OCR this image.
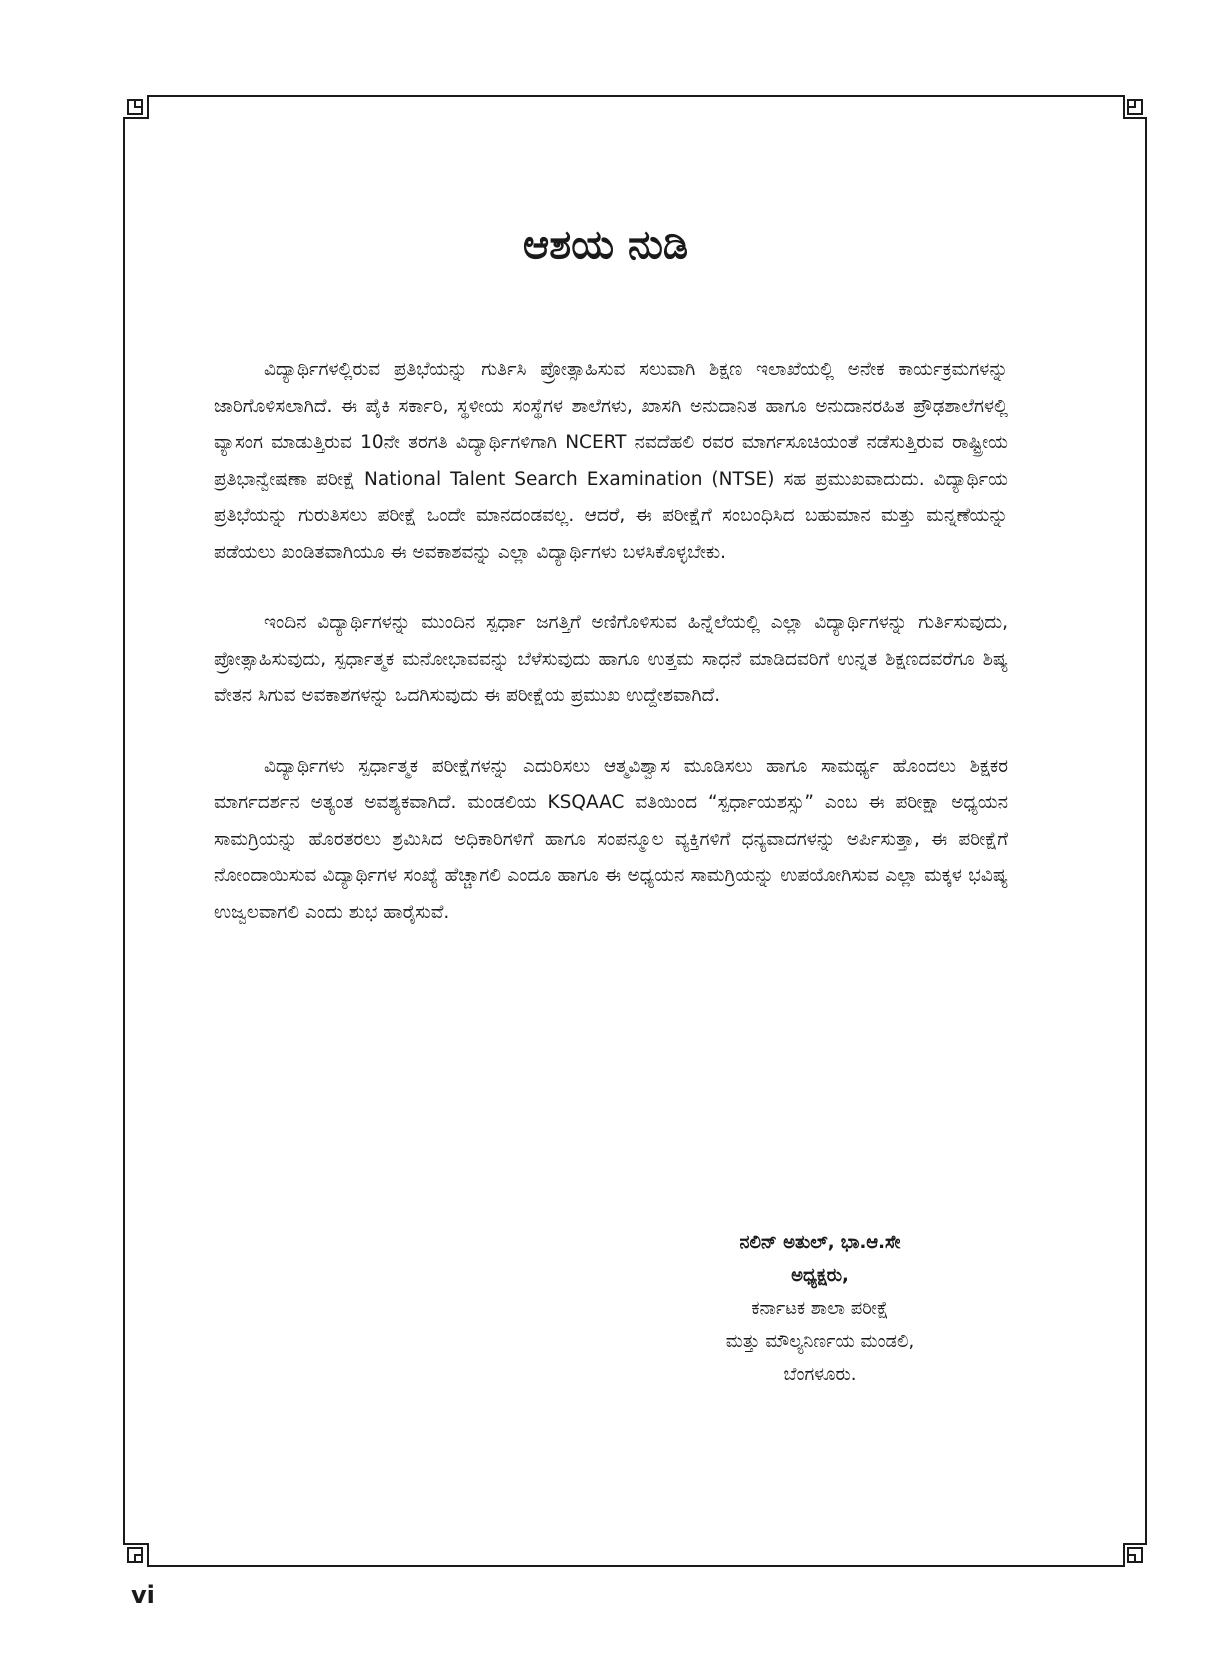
ಆಶಯ ನುಡಿ

ವಿದ್ಯಾರ್ಥಿಗಳಲ್ಲಿರುವ ಪ್ರತಿಭೆಯನ್ನು ಗುರ್ತಿಸಿ ಪ್ರೋತ್ಸಾಹಿಸುವ ಸಲುವಾಗಿ ಶಿಕ್ಷಣ ಇಲಾಖೆಯಲ್ಲಿ ಅನೇಕ ಕಾರ್ಯಕ್ರಮಗಳನ್ನು ಜಾರಿಗೊಳಿಸಲಾಗಿದೆ. ಈ ಪೈಕಿ ಸರ್ಕಾರಿ, ಸ್ಥಳೀಯ ಸಂಸ್ಥೆಗಳ ಶಾಲೆಗಳು, ಖಾಸಗಿ ಅನುದಾನಿತ ಹಾಗೂ ಅನುದಾನರಹಿತ ಪ್ರೌಢಶಾಲೆಗಳಲ್ಲಿ ವ್ಯಾಸಂಗ ಮಾಡುತ್ತಿರುವ 10ನೇ ತರಗತಿ ವಿದ್ಯಾರ್ಥಿಗಳಿಗಾಗಿ NCERT ನವದೆಹಲಿ ರವರ ಮಾರ್ಗಸೂಚಿಯಂತೆ ನಡೆಸುತ್ತಿರುವ ರಾಷ್ಟ್ರೀಯ ಪ್ರತಿಭಾನ್ವೇಷಣಾ ಪರೀಕ್ಷೆ National Talent Search Examination (NTSE) ಸಹ ಪ್ರಮುಖವಾದುದು. ವಿದ್ಯಾರ್ಥಿಯ ಪ್ರತಿಭೆಯನ್ನು ಗುರುತಿಸಲು ಪರೀಕ್ಷೆ ಒಂದೇ ಮಾನದಂಡವಲ್ಲ. ಆದರೆ, ಈ ಪರೀಕ್ಷೆಗೆ ಸಂಬಂಧಿಸಿದ ಬಹುಮಾನ ಮತ್ತು ಮನ್ನಣೆಯನ್ನು ಪಡೆಯಲು ಖಂಡಿತವಾಗಿಯೂ ಈ ಅವಕಾಶವನ್ನು ಎಲ್ಲಾ ವಿದ್ಯಾರ್ಥಿಗಳು ಬಳಸಿಕೊಳ್ಳಬೇಕು.

ಇಂದಿನ ವಿದ್ಯಾರ್ಥಿಗಳನ್ನು ಮುಂದಿನ ಸ್ಪರ್ಧಾ ಜಗತ್ತಿಗೆ ಅಣಿಗೊಳಿಸುವ ಹಿನ್ನೆಲೆಯಲ್ಲಿ ಎಲ್ಲಾ ವಿದ್ಯಾರ್ಥಿಗಳನ್ನು ಗುರ್ತಿಸುವುದು, ಪ್ರೋತ್ಸಾಹಿಸುವುದು, ಸ್ಪರ್ಧಾತ್ಮಕ ಮನೋಭಾವವನ್ನು ಬೆಳೆಸುವುದು ಹಾಗೂ ಉತ್ತಮ ಸಾಧನೆ ಮಾಡಿದವರಿಗೆ ಉನ್ನತ ಶಿಕ್ಷಣದವರೆಗೂ ಶಿಷ್ಯ ವೇತನ ಸಿಗುವ ಅವಕಾಶಗಳನ್ನು ಒದಗಿಸುವುದು ಈ ಪರೀಕ್ಷೆಯ ಪ್ರಮುಖ ಉದ್ದೇಶವಾಗಿದೆ.

ವಿದ್ಯಾರ್ಥಿಗಳು ಸ್ಪರ್ಧಾತ್ಮಕ ಪರೀಕ್ಷೆಗಳನ್ನು ಎದುರಿಸಲು ಆತ್ಮವಿಶ್ವಾಸ ಮೂಡಿಸಲು ಹಾಗೂ ಸಾಮರ್ಥ್ಯ ಹೊಂದಲು ಶಿಕ್ಷಕರ ಮಾರ್ಗದರ್ಶನ ಅತ್ಯಂತ ಅವಶ್ಯಕವಾಗಿದೆ. ಮಂಡಲಿಯ KSQAAC ವತಿಯಿಂದ “ಸ್ಪರ್ಧಾಯಶಸ್ಸು” ಎಂಬ ಈ ಪರೀಕ್ಷಾ ಅಧ್ಯಯನ ಸಾಮಗ್ರಿಯನ್ನು ಹೊರತರಲು ಶ್ರಮಿಸಿದ ಅಧಿಕಾರಿಗಳಿಗೆ ಹಾಗೂ ಸಂಪನ್ಮೂಲ ವ್ಯಕ್ತಿಗಳಿಗೆ ಧನ್ಯವಾದಗಳನ್ನು ಅರ್ಪಿಸುತ್ತಾ, ಈ ಪರೀಕ್ಷೆಗೆ ನೋಂದಾಯಿಸುವ ವಿದ್ಯಾರ್ಥಿಗಳ ಸಂಖ್ಯೆ ಹೆಚ್ಚಾಗಲಿ ಎಂದೂ ಹಾಗೂ ಈ ಅಧ್ಯಯನ ಸಾಮಗ್ರಿಯನ್ನು ಉಪಯೋಗಿಸುವ ಎಲ್ಲಾ ಮಕ್ಕಳ ಭವಿಷ್ಯ ಉಜ್ವಲವಾಗಲಿ ಎಂದು ಶುಭ ಹಾರೈಸುವೆ.

ನಲಿನ್ ಅತುಲ್, ಭಾ.ಆ.ಸೇ
ಅಧ್ಯಕ್ಷರು,
ಕರ್ನಾಟಕ ಶಾಲಾ ಪರೀಕ್ಷೆ
ಮತ್ತು ಮೌಲ್ಯನಿರ್ಣಯ ಮಂಡಲಿ,
ಬೆಂಗಳೂರು.
vi
